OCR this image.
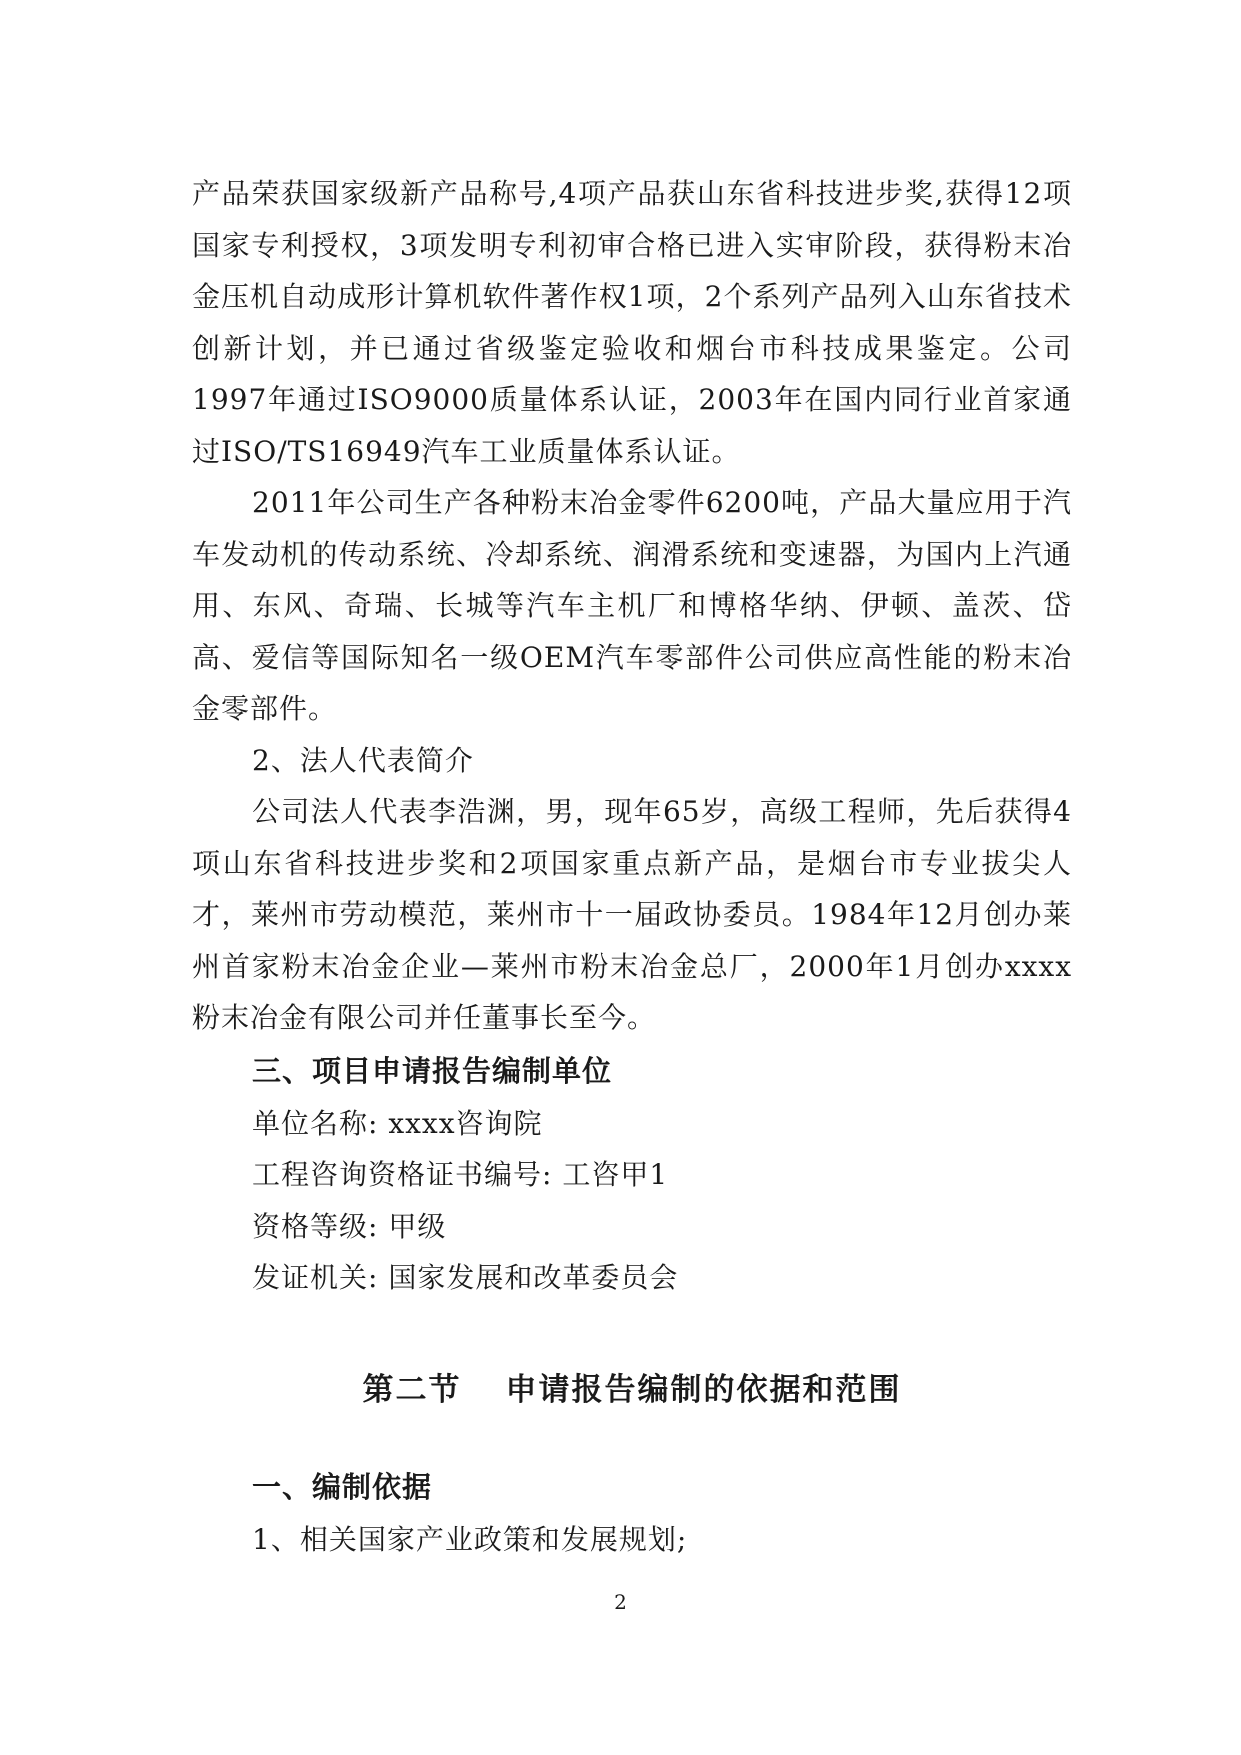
产品荣获国家级新产品称号,4项产品获山东省科技进步奖,获得12项国家专利授权，3项发明专利初审合格已进入实审阶段，获得粉末冶金压机自动成形计算机软件著作权1项，2个系列产品列入山东省技术创新计划，并已通过省级鉴定验收和烟台市科技成果鉴定。公司1997年通过ISO9000质量体系认证，2003年在国内同行业首家通过ISO/TS16949汽车工业质量体系认证。

2011年公司生产各种粉末冶金零件6200吨，产品大量应用于汽车发动机的传动系统、冷却系统、润滑系统和变速器，为国内上汽通用、东风、奇瑞、长城等汽车主机厂和博格华纳、伊顿、盖茨、岱高、爱信等国际知名一级OEM汽车零部件公司供应高性能的粉末冶金零部件。

2、法人代表简介

公司法人代表李浩渊，男，现年65岁，高级工程师，先后获得4项山东省科技进步奖和2项国家重点新产品，是烟台市专业拔尖人才，莱州市劳动模范，莱州市十一届政协委员。1984年12月创办莱州首家粉末冶金企业—莱州市粉末冶金总厂，2000年1月创办xxxx粉末冶金有限公司并任董事长至今。

三、项目申请报告编制单位

单位名称: xxxx咨询院

工程咨询资格证书编号: 工咨甲1

资格等级: 甲级

发证机关: 国家发展和改革委员会

第二节 申请报告编制的依据和范围

一、编制依据

1、相关国家产业政策和发展规划;

2
